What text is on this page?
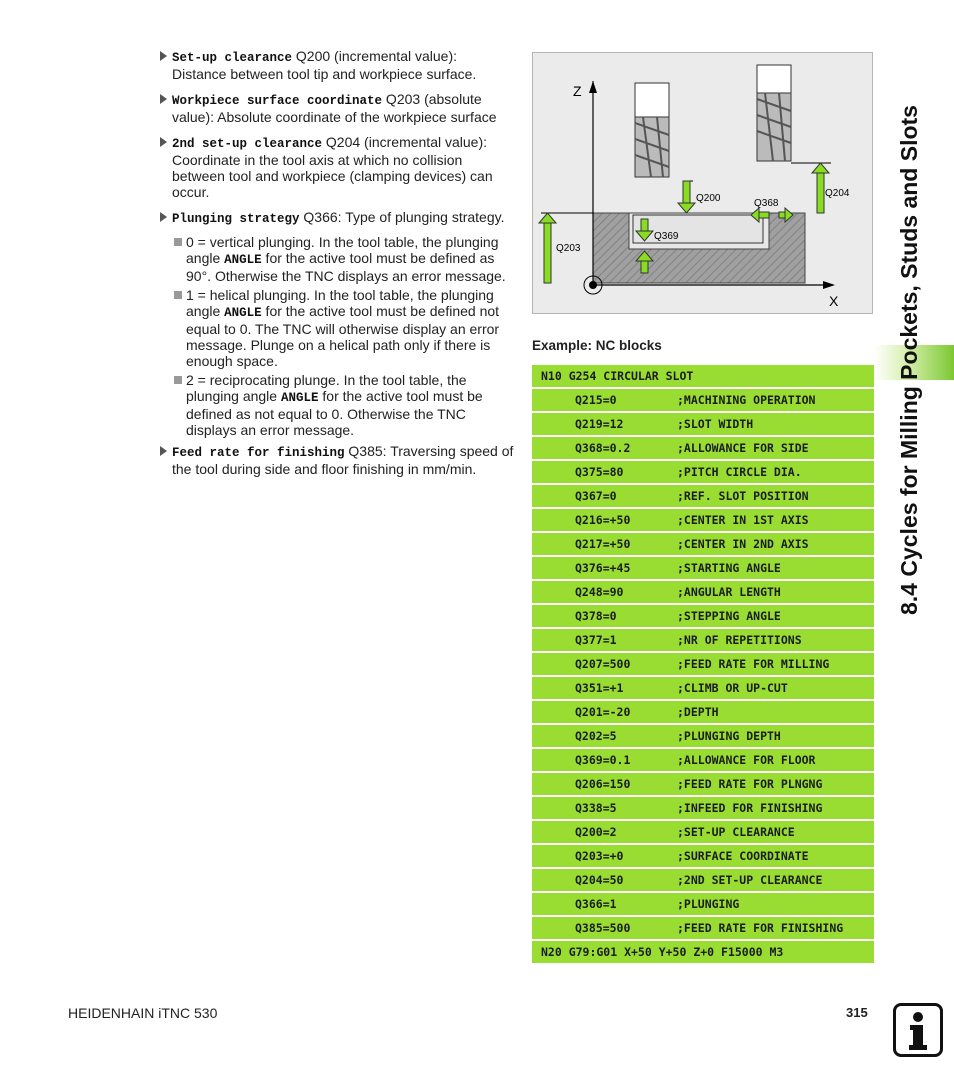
Set-up clearance Q200 (incremental value): Distance between tool tip and workpiece surface.
Workpiece surface coordinate Q203 (absolute value): Absolute coordinate of the workpiece surface
2nd set-up clearance Q204 (incremental value): Coordinate in the tool axis at which no collision between tool and workpiece (clamping devices) can occur.
Plunging strategy Q366: Type of plunging strategy.
0 = vertical plunging. In the tool table, the plunging angle ANGLE for the active tool must be defined as 90°. Otherwise the TNC displays an error message.
1 = helical plunging. In the tool table, the plunging angle ANGLE for the active tool must be defined not equal to 0. The TNC will otherwise display an error message. Plunge on a helical path only if there is enough space.
2 = reciprocating plunge. In the tool table, the plunging angle ANGLE for the active tool must be defined as not equal to 0. Otherwise the TNC displays an error message.
Feed rate for finishing Q385: Traversing speed of the tool during side and floor finishing in mm/min.
Z
X
Q200
Q203
Q204
Q368
Q369
Example: NC blocks
N10 G254 CIRCULAR SLOT
Q215=0	;MACHINING OPERATION
Q219=12	;SLOT WIDTH
Q368=0.2	;ALLOWANCE FOR SIDE
Q375=80	;PITCH CIRCLE DIA.
Q367=0	;REF. SLOT POSITION
Q216=+50	;CENTER IN 1ST AXIS
Q217=+50	;CENTER IN 2ND AXIS
Q376=+45	;STARTING ANGLE
Q248=90	;ANGULAR LENGTH
Q378=0	;STEPPING ANGLE
Q377=1	;NR OF REPETITIONS
Q207=500	;FEED RATE FOR MILLING
Q351=+1	;CLIMB OR UP-CUT
Q201=-20	;DEPTH
Q202=5	;PLUNGING DEPTH
Q369=0.1	;ALLOWANCE FOR FLOOR
Q206=150	;FEED RATE FOR PLNGNG
Q338=5	;INFEED FOR FINISHING
Q200=2	;SET-UP CLEARANCE
Q203=+0	;SURFACE COORDINATE
Q204=50	;2ND SET-UP CLEARANCE
Q366=1	;PLUNGING
Q385=500	;FEED RATE FOR FINISHING
N20 G79:G01 X+50 Y+50 Z+0 F15000 M3
8.4 Cycles for Milling Pockets, Studs and Slots
HEIDENHAIN iTNC 530	315
